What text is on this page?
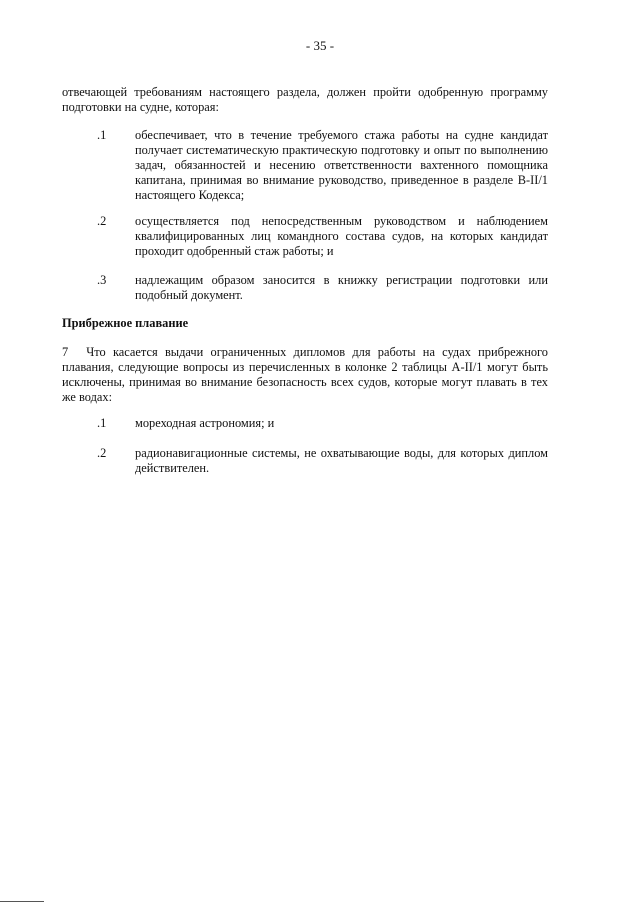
- 35 -
отвечающей требованиям настоящего раздела, должен пройти одобренную программу подготовки на судне, которая:
.1 обеспечивает, что в течение требуемого стажа работы на судне кандидат получает систематическую практическую подготовку и опыт по выполнению задач, обязанностей и несению ответственности вахтенного помощника капитана, принимая во внимание руководство, приведенное в разделе B-II/1 настоящего Кодекса;
.2 осуществляется под непосредственным руководством и наблюдением квалифицированных лиц командного состава судов, на которых кандидат проходит одобренный стаж работы; и
.3 надлежащим образом заносится в книжку регистрации подготовки или подобный документ.
Прибрежное плавание
7 Что касается выдачи ограниченных дипломов для работы на судах прибрежного плавания, следующие вопросы из перечисленных в колонке 2 таблицы A-II/1 могут быть исключены, принимая во внимание безопасность всех судов, которые могут плавать в тех же водах:
.1 мореходная астрономия; и
.2 радионавигационные системы, не охватывающие воды, для которых диплом действителен.
